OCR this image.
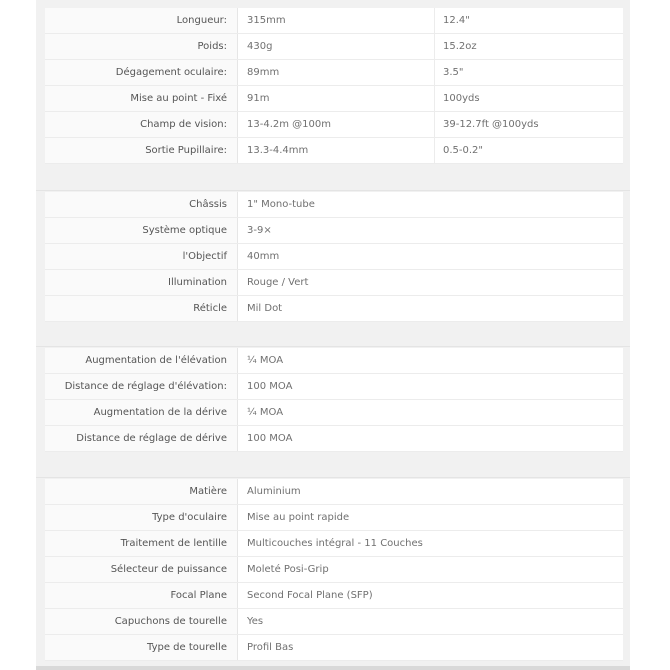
Longueur:	315mm	12.4"
Poids:	430g	15.2oz
Dégagement oculaire:	89mm	3.5"
Mise au point - Fixé	91m	100yds
Champ de vision:	13-4.2m @100m	39-12.7ft @100yds
Sortie Pupillaire:	13.3-4.4mm	0.5-0.2"
Châssis	1" Mono-tube
Système optique	3-9×
l'Objectif	40mm
Illumination	Rouge / Vert
Réticle	Mil Dot
Augmentation de l'élévation	¼ MOA
Distance de réglage d'élévation:	100 MOA
Augmentation de la dérive	¼ MOA
Distance de réglage de dérive	100 MOA
Matière	Aluminium
Type d'oculaire	Mise au point rapide
Traitement de lentille	Multicouches intégral - 11 Couches
Sélecteur de puissance	Moleté Posi-Grip
Focal Plane	Second Focal Plane (SFP)
Capuchons de tourelle	Yes
Type de tourelle	Profil Bas
